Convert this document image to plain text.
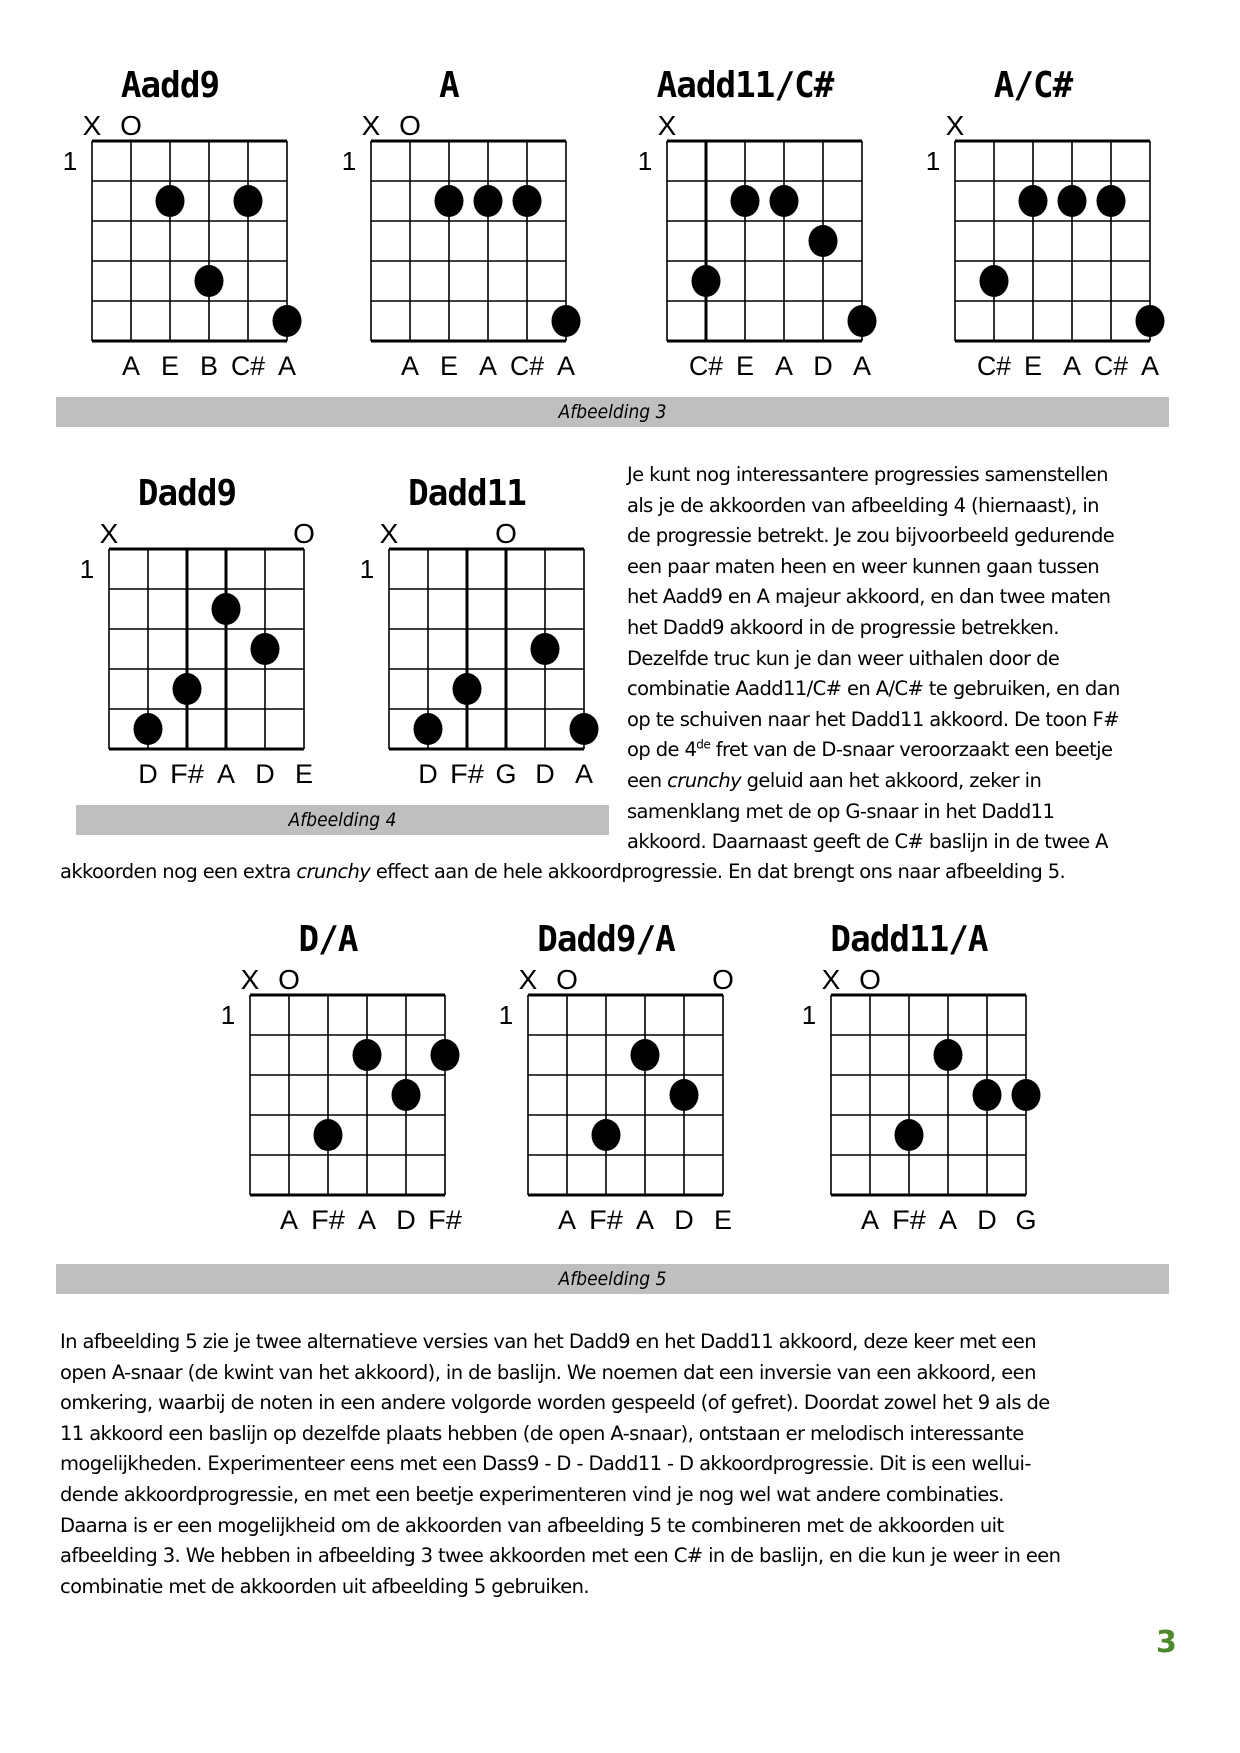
Aadd9
1
X O
A E B C# A
A
1
X O
A E A C# A
Aadd11/C#
1
X
C# E A D A
A/C#
1
X
C# E A C# A
Afbeelding 3
Dadd9
1
X	O
D F# A D E
Dadd11
1
X	O
D F# G D A
Afbeelding 4
Je kunt nog interessantere progressies samenstellen
als je de akkoorden van afbeelding 4 (hiernaast), in
de progressie betrekt. Je zou bijvoorbeeld gedurende
een paar maten heen en weer kunnen gaan tussen
het Aadd9 en A majeur akkoord, en dan twee maten
het Dadd9 akkoord in de progressie betrekken.
Dezelfde truc kun je dan weer uithalen door de
combinatie Aadd11/C# en A/C# te gebruiken, en dan
op te schuiven naar het Dadd11 akkoord. De toon F#
op de 4de fret van de D-snaar veroorzaakt een beetje
een crunchy geluid aan het akkoord, zeker in
samenklang met de op G-snaar in het Dadd11
akkoord. Daarnaast geeft de C# baslijn in de twee A
akkoorden nog een extra crunchy effect aan de hele akkoordprogressie. En dat brengt ons naar afbeelding 5.
D/A
1
X O
A F# A D F#
Dadd9/A
1
X O	O
A F# A D E
Dadd11/A
1
X O
A F# A D G
Afbeelding 5
In afbeelding 5 zie je twee alternatieve versies van het Dadd9 en het Dadd11 akkoord, deze keer met een
open A-snaar (de kwint van het akkoord), in de baslijn. We noemen dat een inversie van een akkoord, een
omkering, waarbij de noten in een andere volgorde worden gespeeld (of gefret). Doordat zowel het 9 als de
11 akkoord een baslijn op dezelfde plaats hebben (de open A-snaar), ontstaan er melodisch interessante
mogelijkheden. Experimenteer eens met een Dass9 - D - Dadd11 - D akkoordprogressie. Dit is een wellui-
dende akkoordprogressie, en met een beetje experimenteren vind je nog wel wat andere combinaties.
Daarna is er een mogelijkheid om de akkoorden van afbeelding 5 te combineren met de akkoorden uit
afbeelding 3. We hebben in afbeelding 3 twee akkoorden met een C# in de baslijn, en die kun je weer in een
combinatie met de akkoorden uit afbeelding 5 gebruiken.
3
